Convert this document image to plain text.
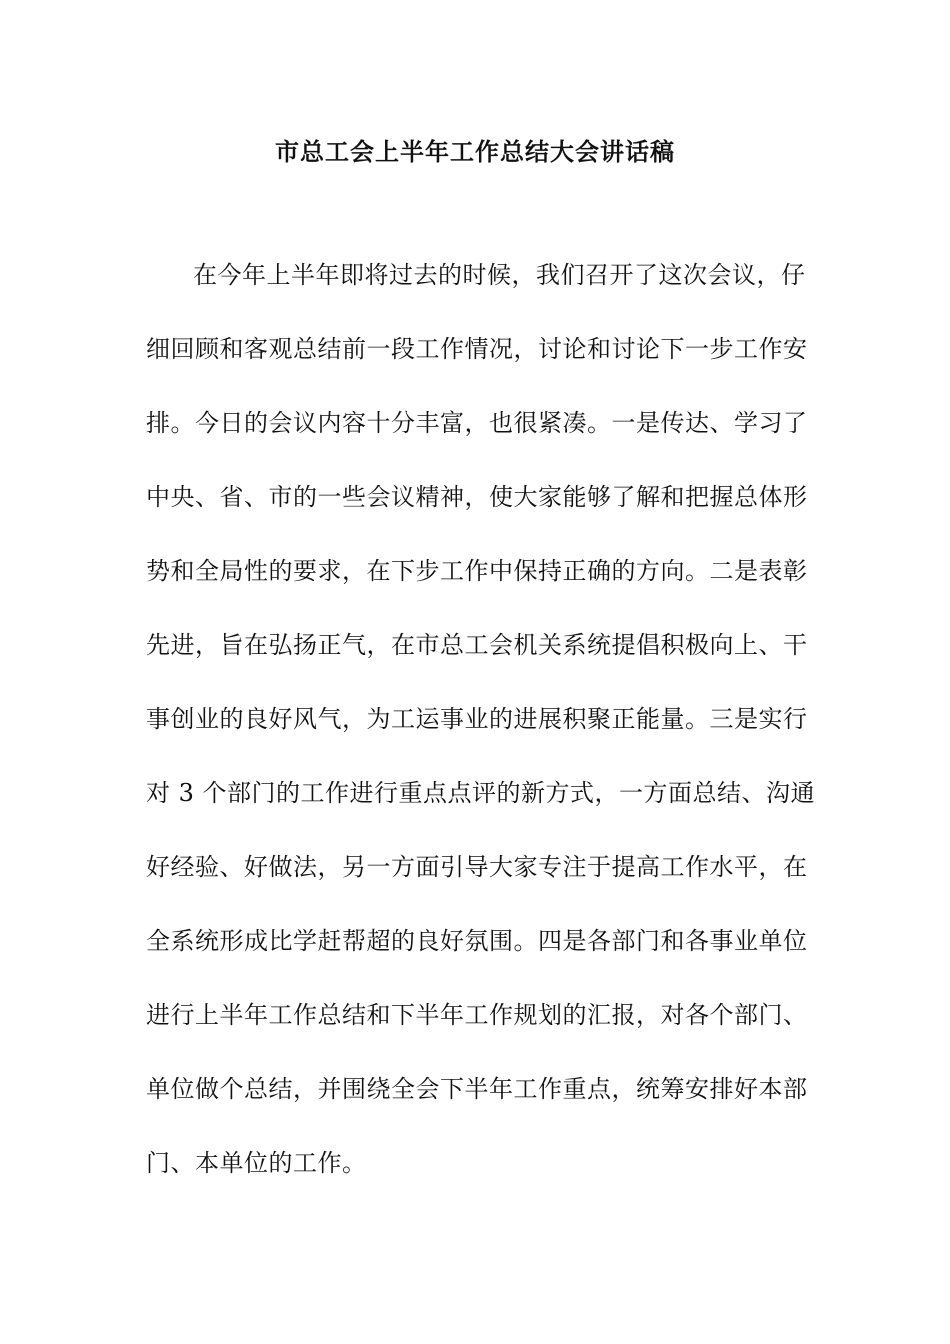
市总工会上半年工作总结大会讲话稿
在今年上半年即将过去的时候，我们召开了这次会议，仔
细回顾和客观总结前一段工作情况，讨论和讨论下一步工作安
排。今日的会议内容十分丰富，也很紧凑。一是传达、学习了
中央、省、市的一些会议精神，使大家能够了解和把握总体形
势和全局性的要求，在下步工作中保持正确的方向。二是表彰
先进，旨在弘扬正气，在市总工会机关系统提倡积极向上、干
事创业的良好风气，为工运事业的进展积聚正能量。三是实行
对 3 个部门的工作进行重点点评的新方式，一方面总结、沟通
好经验、好做法，另一方面引导大家专注于提高工作水平，在
全系统形成比学赶帮超的良好氛围。四是各部门和各事业单位
进行上半年工作总结和下半年工作规划的汇报，对各个部门、
单位做个总结，并围绕全会下半年工作重点，统筹安排好本部
门、本单位的工作。
